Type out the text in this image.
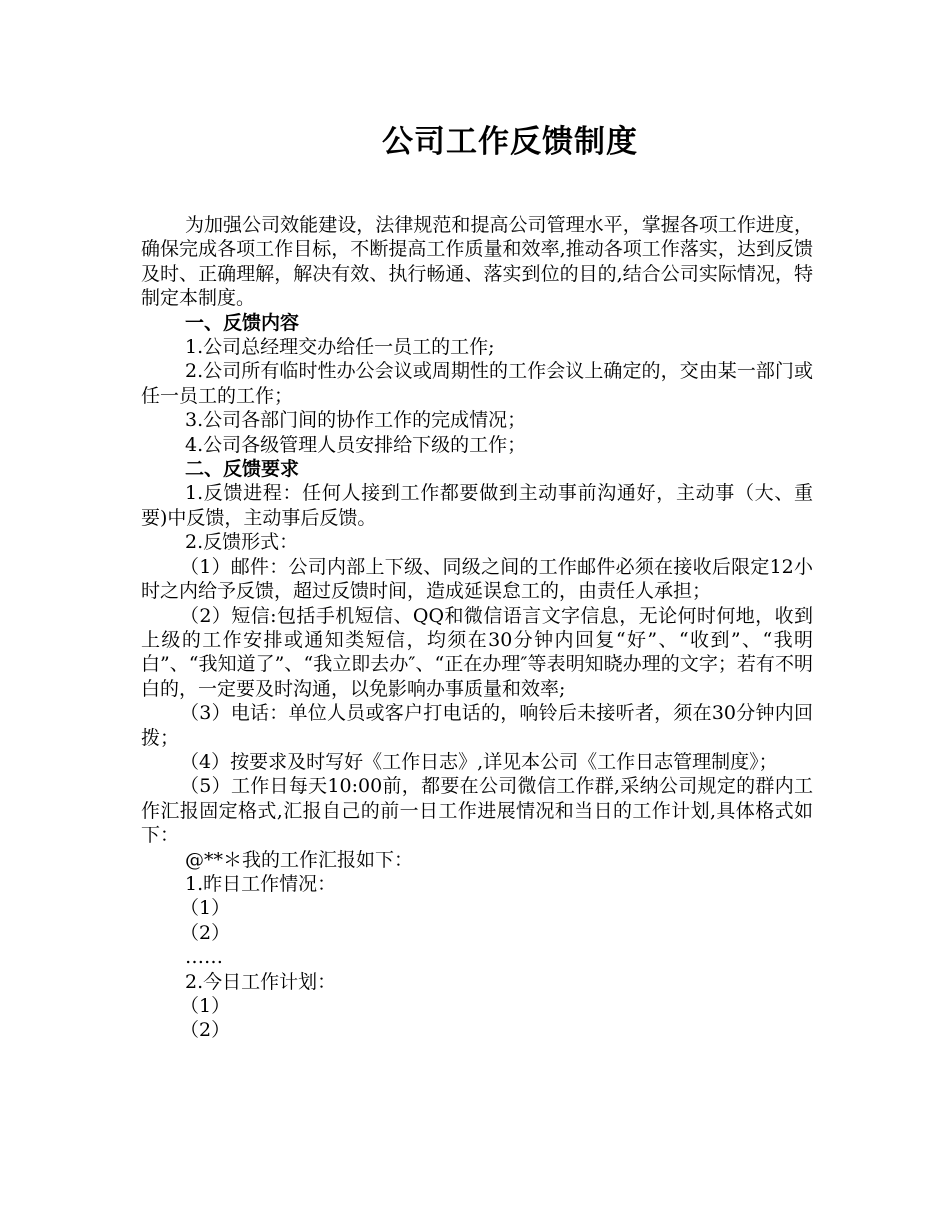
公司工作反馈制度

为加强公司效能建设，法律规范和提高公司管理水平，掌握各项工作进度，确保完成各项工作目标，不断提高工作质量和效率,推动各项工作落实，达到反馈及时、正确理解，解决有效、执行畅通、落实到位的目的,结合公司实际情况，特制定本制度。

一、反馈内容

1.公司总经理交办给任一员工的工作;

2.公司所有临时性办公会议或周期性的工作会议上确定的，交由某一部门或任一员工的工作；

3.公司各部门间的协作工作的完成情况；

4.公司各级管理人员安排给下级的工作；

二、反馈要求

1.反馈进程：任何人接到工作都要做到主动事前沟通好，主动事（大、重要)中反馈，主动事后反馈。

2.反馈形式：

（1）邮件：公司内部上下级、同级之间的工作邮件必须在接收后限定12小时之内给予反馈，超过反馈时间，造成延误怠工的，由责任人承担；

（2）短信:包括手机短信、QQ和微信语言文字信息，无论何时何地，收到上级的工作安排或通知类短信，均须在30分钟内回复“好”、“收到”、“我明白”、“我知道了”、“我立即去办″、“正在办理″等表明知晓办理的文字；若有不明白的，一定要及时沟通，以免影响办事质量和效率;

（3）电话：单位人员或客户打电话的，响铃后未接听者，须在30分钟内回拨；

（4）按要求及时写好《工作日志》,详见本公司《工作日志管理制度》；

（5）工作日每天10:00前，都要在公司微信工作群,采纳公司规定的群内工作汇报固定格式,汇报自己的前一日工作进展情况和当日的工作计划,具体格式如下：

@**＊我的工作汇报如下：

1.昨日工作情况：

（1）

（2）

……

2.今日工作计划：

（1）

（2）
